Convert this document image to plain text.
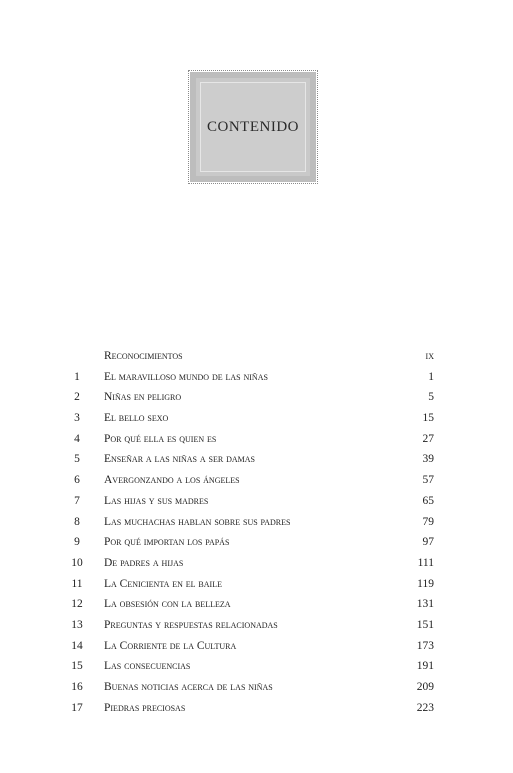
CONTENIDO
Reconocimientos	ix
1	El maravilloso mundo de las niñas	1
2	Niñas en peligro	5
3	El bello sexo	15
4	Por qué ella es quien es	27
5	Enseñar a las niñas a ser damas	39
6	Avergonzando a los ángeles	57
7	Las hijas y sus madres	65
8	Las muchachas hablan sobre sus padres	79
9	Por qué importan los papás	97
10	De padres a hijas	111
11	La Cenicienta en el baile	119
12	La obsesión con la belleza	131
13	Preguntas y respuestas relacionadas	151
14	La Corriente de la Cultura	173
15	Las consecuencias	191
16	Buenas noticias acerca de las niñas	209
17	Piedras preciosas	223
